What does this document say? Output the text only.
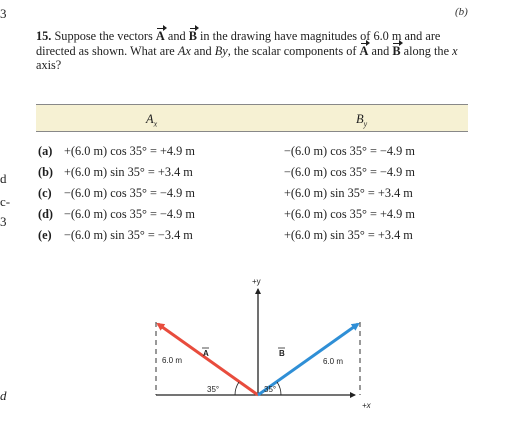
3
d
c-
3
d
(b)
15. Suppose the vectors A and B in the drawing have magnitudes of 6.0 m and are directed as shown. What are Ax and By, the scalar components of A and B along the x axis?
$A_x$	$B_y$
(a) +(6.0 m) cos 35° = +4.9 m	−(6.0 m) cos 35° = −4.9 m
(b) +(6.0 m) sin 35° = +3.4 m	−(6.0 m) cos 35° = −4.9 m
(c) −(6.0 m) cos 35° = −4.9 m	+(6.0 m) sin 35° = +3.4 m
(d) −(6.0 m) cos 35° = −4.9 m	+(6.0 m) cos 35° = +4.9 m
(e) −(6.0 m) sin 35° = −3.4 m	+(6.0 m) sin 35° = +3.4 m
+y
+x
6.0 m	6.0 m
A	B
35°	35°
